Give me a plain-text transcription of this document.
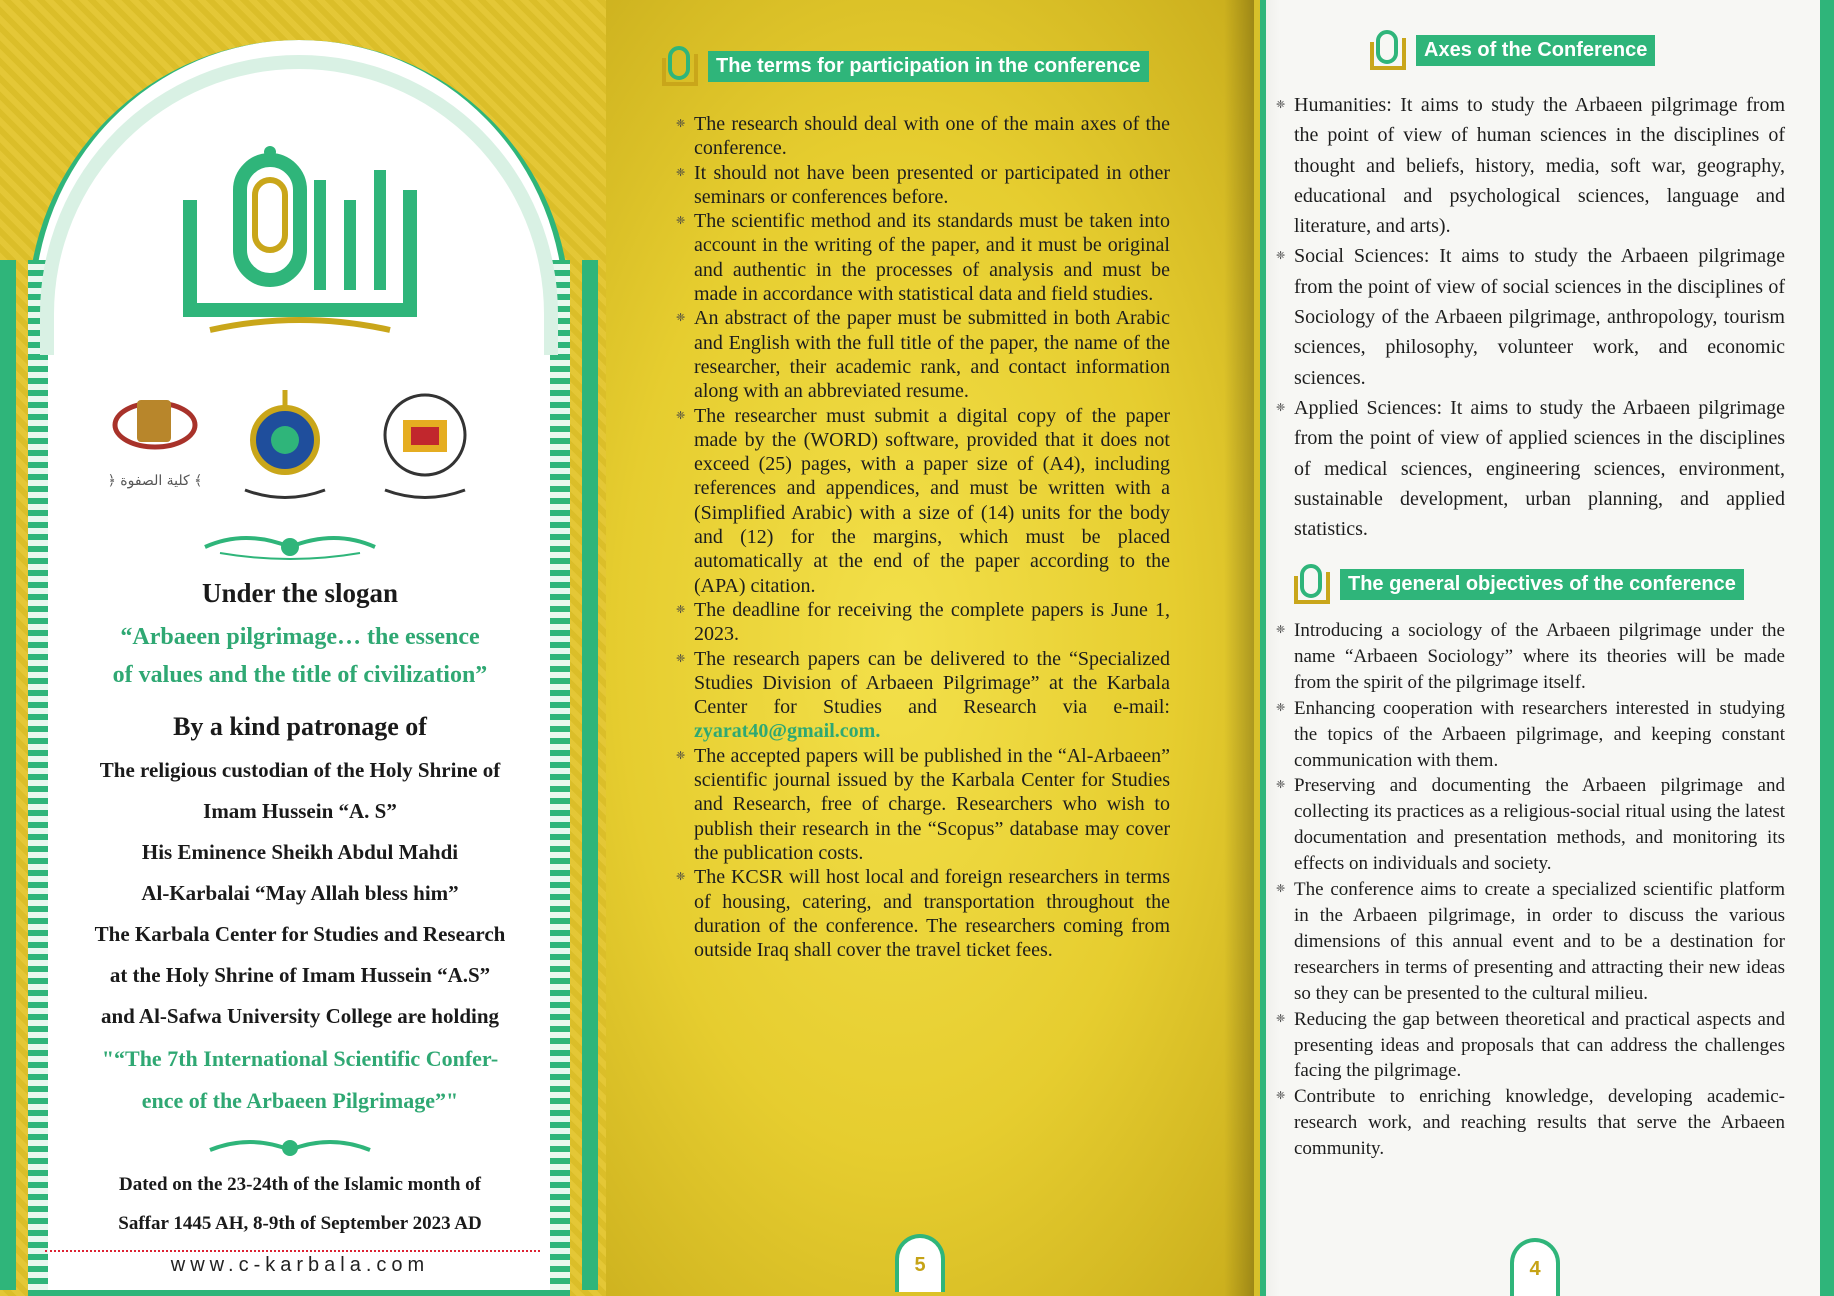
﴿ كلية الصفوة ﴾
Under the slogan
“Arbaeen pilgrimage… the essence
of values and the title of civilization”
By a kind patronage of
The religious custodian of the Holy Shrine of
Imam Hussein “A. S”
His Eminence Sheikh Abdul Mahdi
Al-Karbalai “May Allah bless him”
The Karbala Center for Studies and Research
at the Holy Shrine of Imam Hussein “A.S”
and Al-Safwa University College are holding
"“The 7th International Scientific Confer-
ence of the Arbaeen Pilgrimage”"
Dated on the 23-24th of the Islamic month of
Saffar 1445 AH, 8-9th of September 2023 AD
www.c-karbala.com
The terms for participation in the conference
❈ The research should deal with one of the main axes of the conference.
❈ It should not have been presented or participated in other seminars or conferences before.
❈ The scientific method and its standards must be taken into account in the writing of the paper, and it must be original and authentic in the processes of analysis and must be made in accordance with statistical data and field studies.
❈ An abstract of the paper must be submitted in both Arabic and English with the full title of the paper, the name of the researcher, their academic rank, and contact information along with an abbreviated resume.
❈ The researcher must submit a digital copy of the paper made by the (WORD) software, provided that it does not exceed (25) pages, with a paper size of (A4), including references and appendices, and must be written with a (Simplified Arabic) with a size of (14) units for the body and (12) for the margins, which must be placed automatically at the end of the paper according to the (APA) citation.
❈ The deadline for receiving the complete papers is June 1, 2023.
❈ The research papers can be delivered to the “Specialized Studies Division of Arbaeen Pilgrimage” at the Karbala Center for Studies and Research via e-mail: zyarat40@gmail.com.
❈ The accepted papers will be published in the “Al-Arbaeen” scientific journal issued by the Karbala Center for Studies and Research, free of charge. Researchers who wish to publish their research in the “Scopus” database may cover the publication costs.
❈ The KCSR will host local and foreign researchers in terms of housing, catering, and transportation throughout the duration of the conference. The researchers coming from outside Iraq shall cover the travel ticket fees.
5
Axes of the Conference
❈ Humanities: It aims to study the Arbaeen pilgrimage from the point of view of human sciences in the disciplines of thought and beliefs, history, media, soft war, geography, educational and psychological sciences, language and literature, and arts).
❈ Social Sciences: It aims to study the Arbaeen pilgrimage from the point of view of social sciences in the disciplines of Sociology of the Arbaeen pilgrimage, anthropology, tourism sciences, philosophy, volunteer work, and economic sciences.
❈ Applied Sciences: It aims to study the Arbaeen pilgrimage from the point of view of applied sciences in the disciplines of medical sciences, engineering sciences, environment, sustainable development, urban planning, and applied statistics.
The general objectives of the conference
❈ Introducing a sociology of the Arbaeen pilgrimage under the name “Arbaeen Sociology” where its theories will be made from the spirit of the pilgrimage itself.
❈ Enhancing cooperation with researchers interested in studying the topics of the Arbaeen pilgrimage, and keeping constant communication with them.
❈ Preserving and documenting the Arbaeen pilgrimage and collecting its practices as a religious-social ritual using the latest documentation and presentation methods, and monitoring its effects on individuals and society.
❈ The conference aims to create a specialized scientific platform in the Arbaeen pilgrimage, in order to discuss the various dimensions of this annual event and to be a destination for researchers in terms of presenting and attracting their new ideas so they can be presented to the cultural milieu.
❈ Reducing the gap between theoretical and practical aspects and presenting ideas and proposals that can address the challenges facing the pilgrimage.
❈ Contribute to enriching knowledge, developing academic-research work, and reaching results that serve the Arbaeen community.
4
